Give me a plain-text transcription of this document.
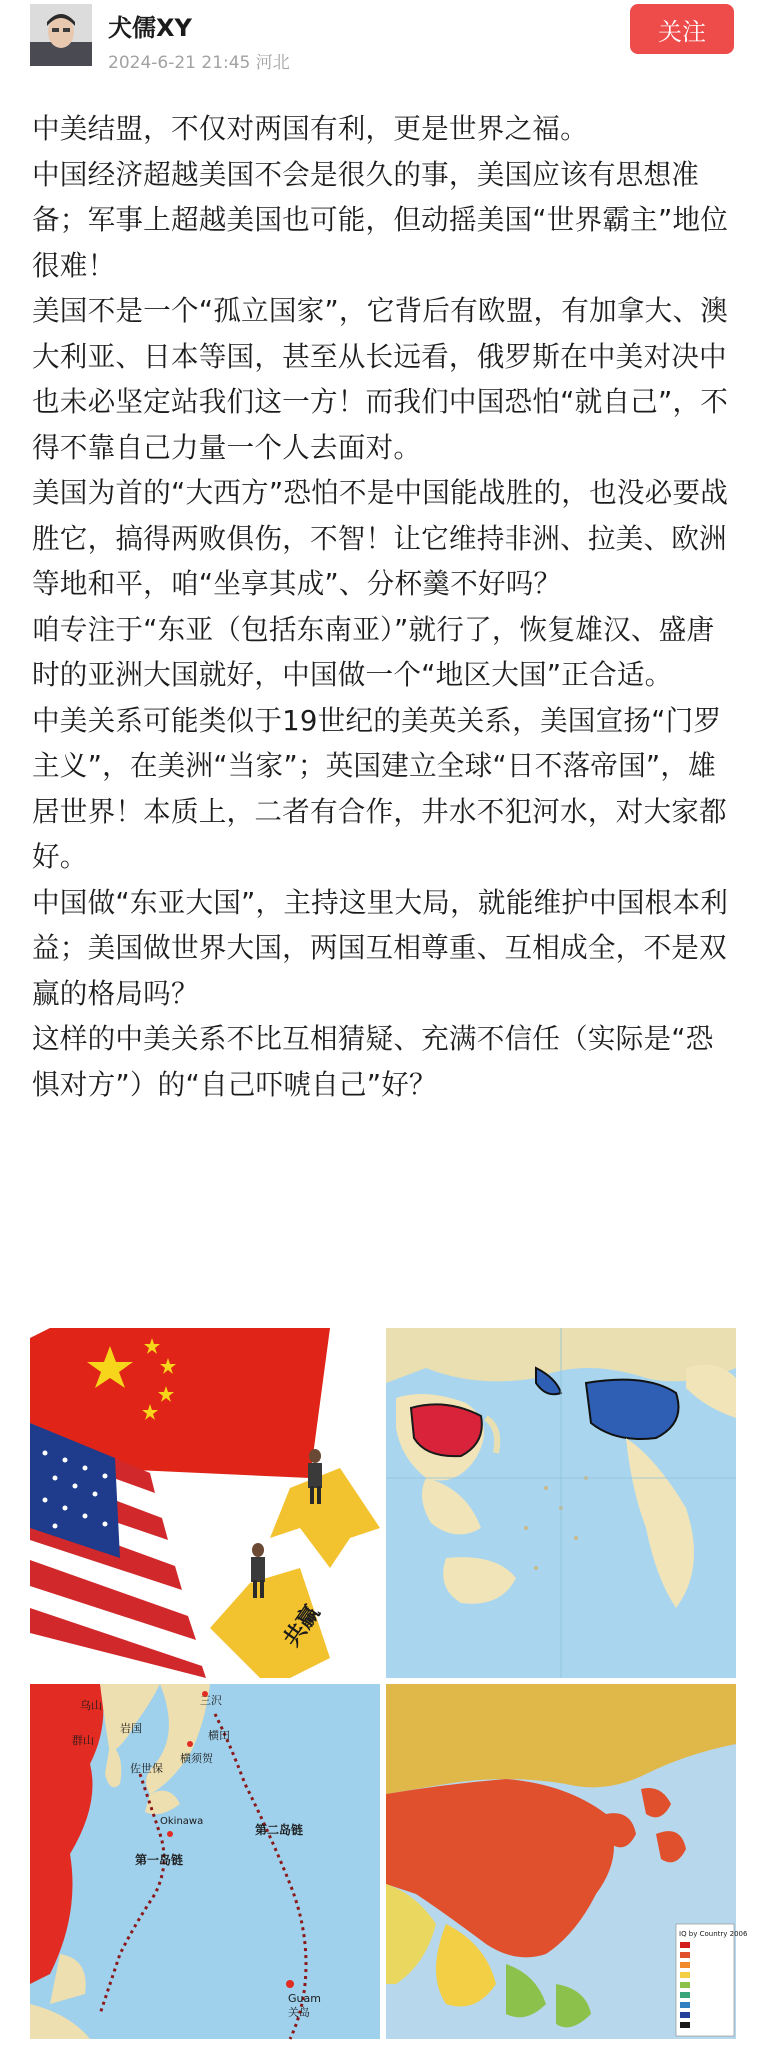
犬儒XY
2024-6-21 21:45 河北
关注

中美结盟，不仅对两国有利，更是世界之福。

中国经济超越美国不会是很久的事，美国应该有思想准备；军事上超越美国也可能，但动摇美国“世界霸主”地位很难！

美国不是一个“孤立国家”，它背后有欧盟，有加拿大、澳大利亚、日本等国，甚至从长远看，俄罗斯在中美对决中也未必坚定站我们这一方！而我们中国恐怕“就自己”，不得不靠自己力量一个人去面对。

美国为首的“大西方”恐怕不是中国能战胜的，也没必要战胜它，搞得两败俱伤，不智！让它维持非洲、拉美、欧洲等地和平，咱“坐享其成”、分杯羹不好吗？

咱专注于“东亚（包括东南亚）”就行了，恢复雄汉、盛唐时的亚洲大国就好，中国做一个“地区大国”正合适。

中美关系可能类似于19世纪的美英关系，美国宣扬“门罗主义”，在美洲“当家”；英国建立全球“日不落帝国”，雄居世界！本质上，二者有合作，井水不犯河水，对大家都好。

中国做“东亚大国”，主持这里大局，就能维护中国根本利益；美国做世界大国，两国互相尊重、互相成全，不是双赢的格局吗？

这样的中美关系不比互相猜疑、充满不信任（实际是“恐惧对方”）的“自己吓唬自己”好？

共赢
三沢
横田
横须贺
岩国
乌山
群山
佐世保
Okinawa
第一岛链
第二岛链
Guam
关岛
IQ by Country 2006
